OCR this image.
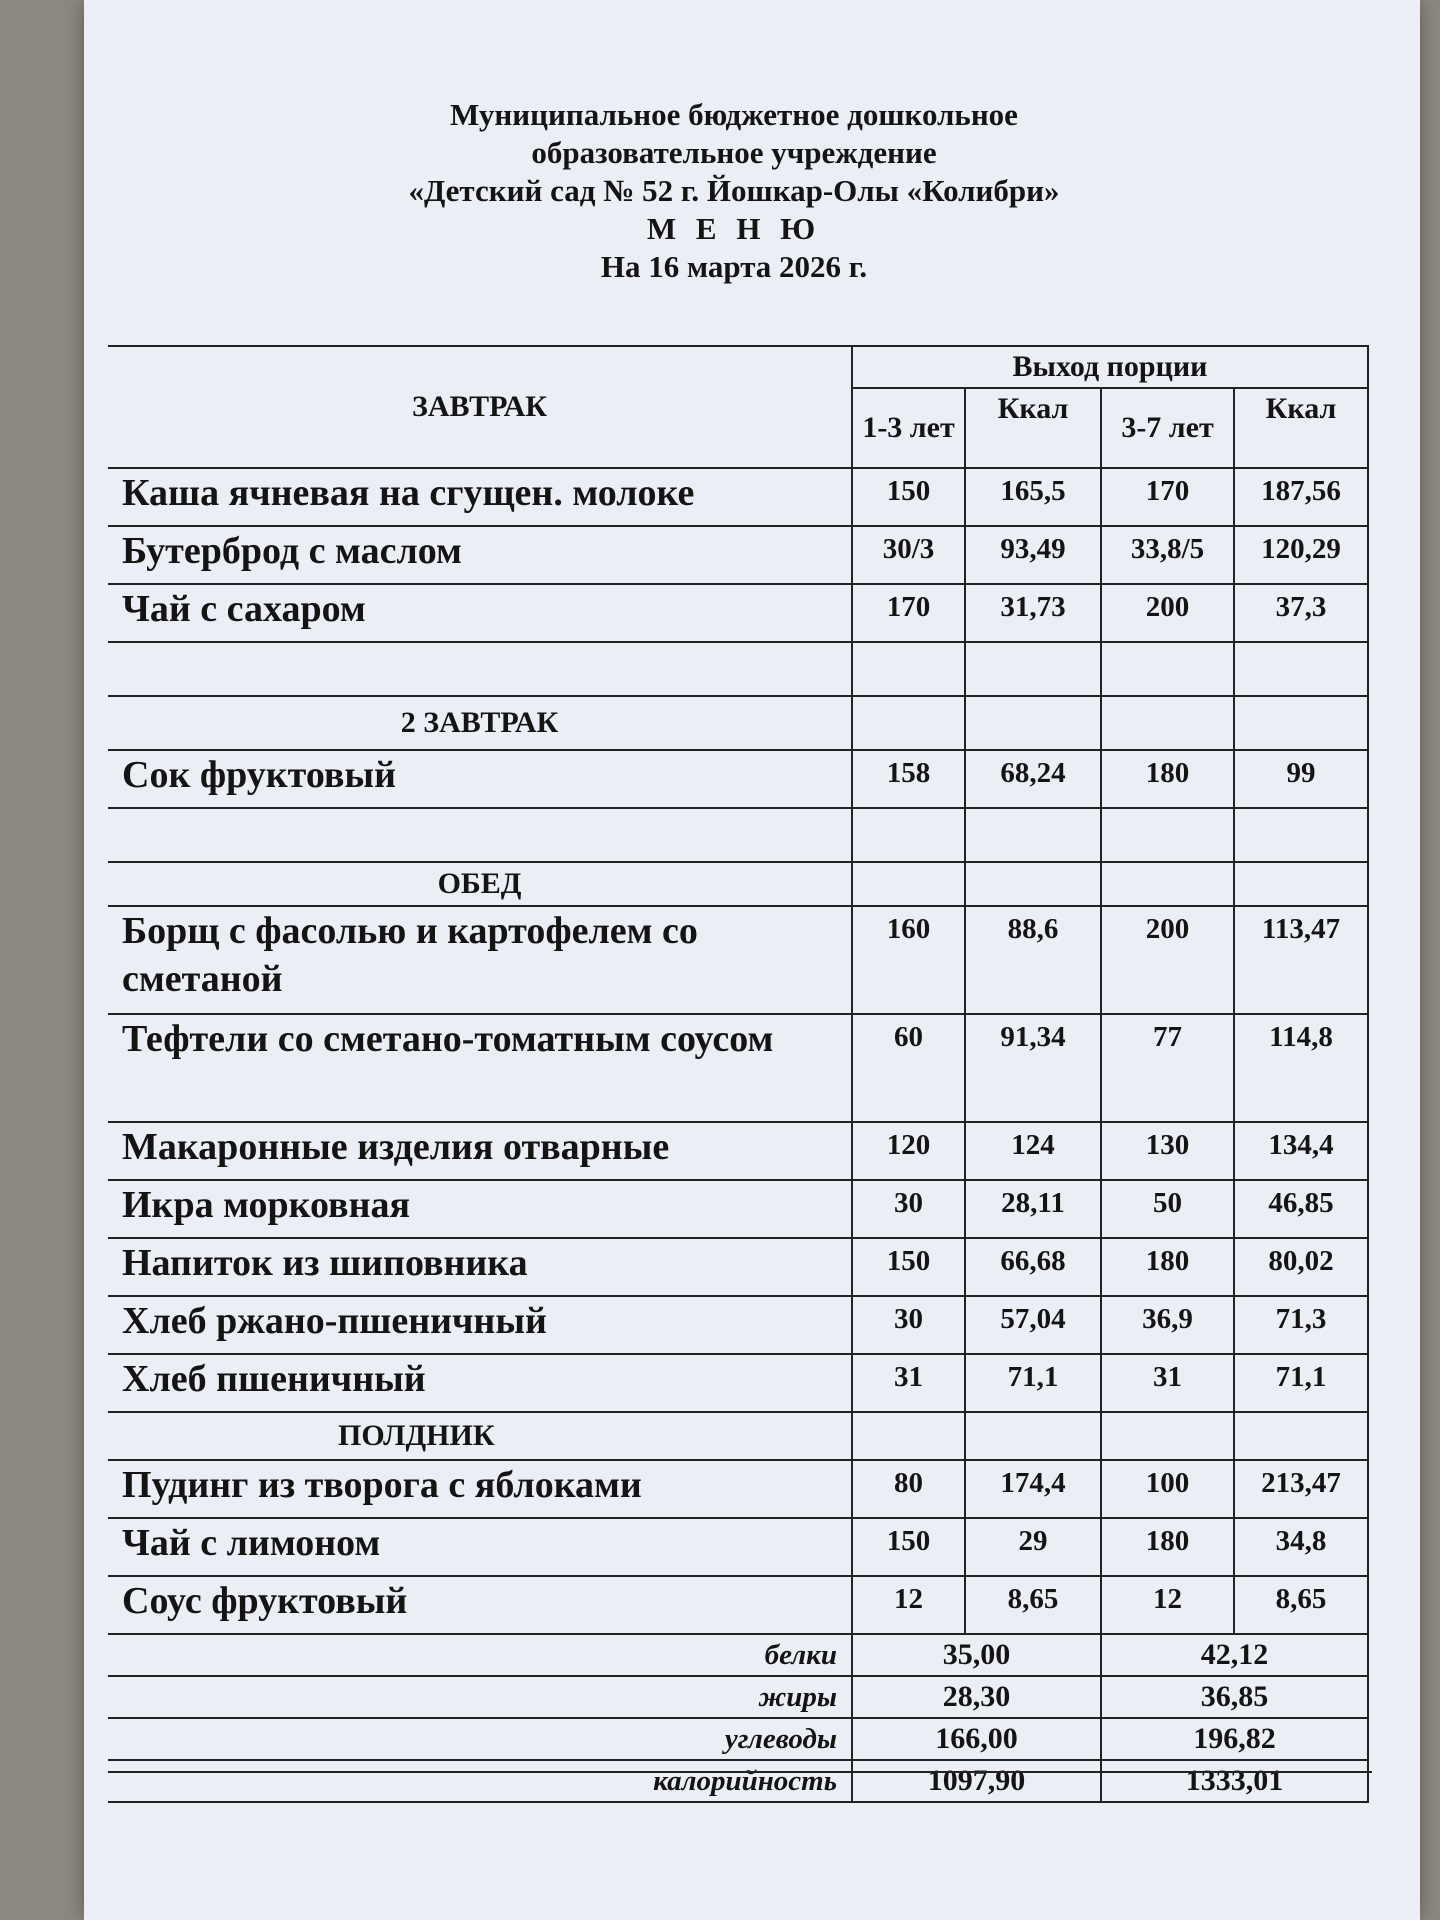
Муниципальное бюджетное дошкольное
образовательное учреждение
«Детский сад № 52 г. Йошкар-Олы «Колибри»
М Е Н Ю
На 16 марта 2026 г.
ЗАВТРАК	Выход порции			
	1-3 лет	Ккал	3-7 лет	Ккал
Каша ячневая на сгущен. молоке	150	165,5	170	187,56
Бутерброд с маслом	30/3	93,49	33,8/5	120,29
Чай с сахаром	170	31,73	200	37,3

2 ЗАВТРАК				
Сок фруктовый	158	68,24	180	99

ОБЕД				
Борщ с фасолью и картофелем со сметаной	160	88,6	200	113,47
Тефтели со сметано-томатным соусом	60	91,34	77	114,8
Макаронные изделия отварные	120	124	130	134,4
Икра морковная	30	28,11	50	46,85
Напиток из шиповника	150	66,68	180	80,02
Хлеб ржано-пшеничный	30	57,04	36,9	71,3
Хлеб пшеничный	31	71,1	31	71,1
ПОЛДНИК				
Пудинг из творога с яблоками	80	174,4	100	213,47
Чай с лимоном	150	29	180	34,8
Соус фруктовый	12	8,65	12	8,65
белки	35,00		42,12	
жиры	28,30		36,85	
углеводы	166,00		196,82	
калорийность	1097,90		1333,01	
